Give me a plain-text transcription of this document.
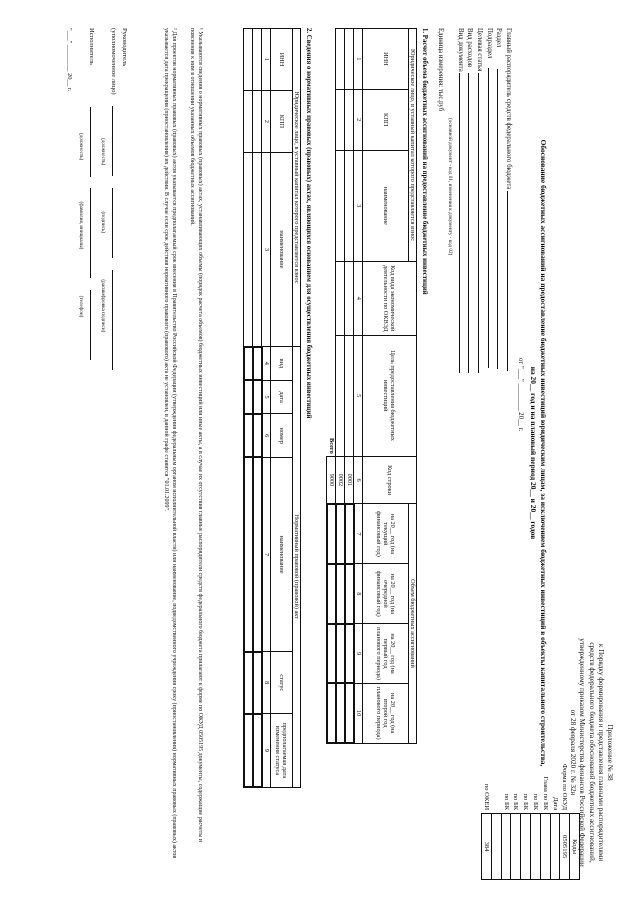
Приложение № 38
к Порядку формирования и представления главными распорядителями
средств федерального бюджета обоснований бюджетных ассигнований,
утвержденному приказом Министерства финансов Российской Федерации
от 28 февраля 2020 г. № 32н
Обоснование бюджетных ассигнований на предоставление бюджетных инвестиций юридическим лицам, за исключением бюджетных инвестиций в объекты капитального строительства,
на 20__ год и на плановый период 20__ и 20__ годов
от "___" ________ 20__ г.
	Коды
Форма по ОКУД	0505195
Дата	
Глава по БК	
по БК	
по БК	
по БК	
по БК	

по ОКЕИ	384
Главный распорядитель средств федерального бюджета
Раздел
Подраздел
Целевая статья
Вид расходов
Вид документа
(основной документ - код 01, изменения к документу - код 02)
Единица измерения: тыс.руб
1. Расчет объема бюджетных ассигнований на предоставление бюджетных инвестиций
Юридическое лицо, в уставный капитал которого представляется взнос			Код вида экономической деятельности по ОКВЭД	Цель предоставления бюджетных инвестиций	Код строки	Объем бюджетных ассигнований			
ИНН	КПП	наименование				на 20__ год (на текущий финансовый год)	на 20__ год (на очередной финансовый год)	на 20__ год (на первый год планового периода)	на 20__ год (на второй год планового периода)
1	2	3	4	5	6	7	8	9	10
					0001				
					0002				
Всего					9000				
2. Сведения о нормативных правовых (правовых) актах, являющихся основанием для осуществления бюджетных инвестиций
Юридическое лицо, в уставный капитал которого представляется взнос			Нормативный правовой (правовой) акт					
ИНН	КПП	наименование	вид	дата	номер	наименование	статус	предполагаемая дата изменения статуса
1	2	3	4	5	6	7	8	9

¹ Указываются сведения о нормативных правовых (правовых) актах, устанавливающих объемы (порядок расчета объемов) бюджетных инвестиций или иные акты, а в случае их отсутствия главные распорядители средств федерального бюджета прилагают к форме по ОКУД 0505195 документы, содержащие расчеты и пояснения к ним в отношении указанных объемов бюджетных ассигнований.
² Для проектов нормативных правовых (правовых) актов указывается предполагаемый срок внесения в Правительство Российской Федерации (утверждения федеральным органом исполнительной власти) или наименование, подведомственного учреждения сроку (приостановления) нормативных правовых (правовых) актов указывается дата прекращения (приостановления) их действия. В случае если срок действия нормативного правового (правового) акта не установлен, в данной графе ставится "01.01.2099".
Руководитель
(уполномоченное лицо)
(должность) (подпись) (расшифровка подписи)
Исполнитель
(должность) (фамилия, инициалы) (телефон)
"___" ________ 20__ г.
